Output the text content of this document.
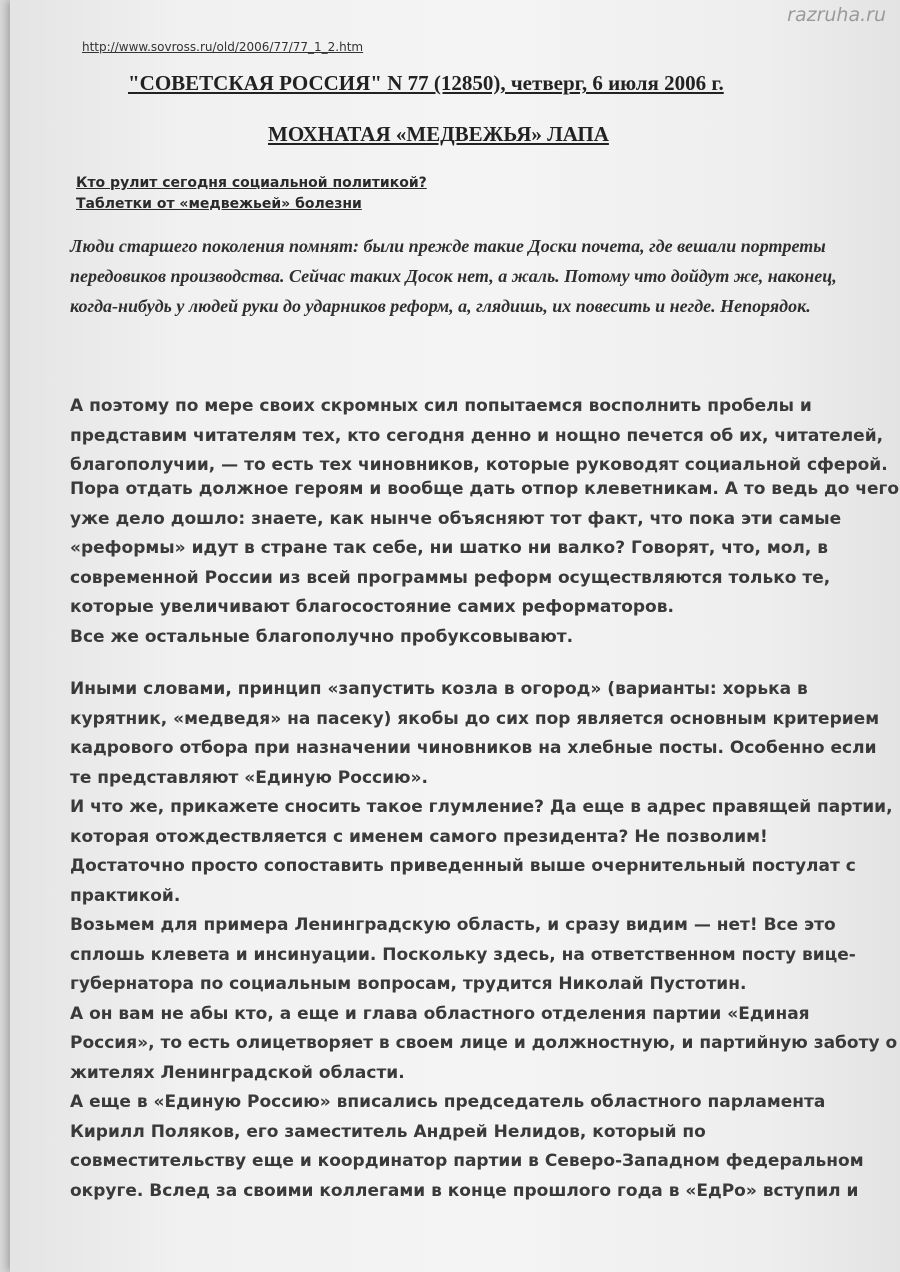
razruha.ru
http://www.sovross.ru/old/2006/77/77_1_2.htm
"СОВЕТСКАЯ РОССИЯ" N 77 (12850), четверг, 6 июля 2006 г.
МОХНАТАЯ «МЕДВЕЖЬЯ» ЛАПА
Кто рулит сегодня социальной политикой?
Таблетки от «медвежьей» болезни
Люди старшего поколения помнят: были прежде такие Доски почета, где вешали портреты передовиков производства. Сейчас таких Досок нет, а жаль. Потому что дойдут же, наконец, когда-нибудь у людей руки до ударников реформ, а, глядишь, их повесить и негде. Непорядок.
А поэтому по мере своих скромных сил попытаемся восполнить пробелы и
представим читателям тех, кто сегодня денно и нощно печется об их, читателей,
благополучии, — то есть тех чиновников, которые руководят социальной сферой.
Пора отдать должное героям и вообще дать отпор клеветникам. А то ведь до чего
уже дело дошло: знаете, как нынче объясняют тот факт, что пока эти самые
«реформы» идут в стране так себе, ни шатко ни валко? Говорят, что, мол, в
современной России из всей программы реформ осуществляются только те,
которые увеличивают благосостояние самих реформаторов.
Все же остальные благополучно пробуксовывают.
Иными словами, принцип «запустить козла в огород» (варианты: хорька в
курятник, «медведя» на пасеку) якобы до сих пор является основным критерием
кадрового отбора при назначении чиновников на хлебные посты. Особенно если
те представляют «Единую Россию».
И что же, прикажете сносить такое глумление? Да еще в адрес правящей партии,
которая отождествляется с именем самого президента? Не позволим!
Достаточно просто сопоставить приведенный выше очернительный постулат с
практикой.
Возьмем для примера Ленинградскую область, и сразу видим — нет! Все это
сплошь клевета и инсинуации. Поскольку здесь, на ответственном посту вице-
губернатора по социальным вопросам, трудится Николай Пустотин.
А он вам не абы кто, а еще и глава областного отделения партии «Единая
Россия», то есть олицетворяет в своем лице и должностную, и партийную заботу о
жителях Ленинградской области.
А еще в «Единую Россию» вписались председатель областного парламента
Кирилл Поляков, его заместитель Андрей Нелидов, который по
совместительству еще и координатор партии в Северо-Западном федеральном
округе. Вслед за своими коллегами в конце прошлого года в «ЕдРо» вступил и
